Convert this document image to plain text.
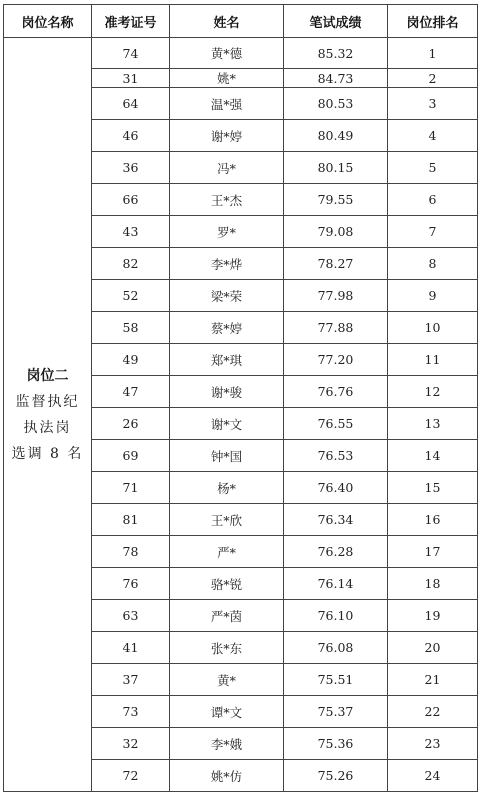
岗位名称	准考证号	姓名	笔试成绩	岗位排名

岗位二
监督执纪
执法岗
选调 8 名	74	黄*德	85.32	1
	31	姚*	84.73	2
	64	温*强	80.53	3
	46	谢*婷	80.49	4
	36	冯*	80.15	5
	66	王*杰	79.55	6
	43	罗*	79.08	7
	82	李*烨	78.27	8
	52	梁*荣	77.98	9
	58	蔡*婷	77.88	10
	49	郑*琪	77.20	11
	47	谢*骏	76.76	12
	26	谢*文	76.55	13
	69	钟*国	76.53	14
	71	杨*	76.40	15
	81	王*欣	76.34	16
	78	严*	76.28	17
	76	骆*锐	76.14	18
	63	严*茵	76.10	19
	41	张*东	76.08	20
	37	黄*	75.51	21
	73	谭*文	75.37	22
	32	李*娥	75.36	23
	72	姚*仿	75.26	24
